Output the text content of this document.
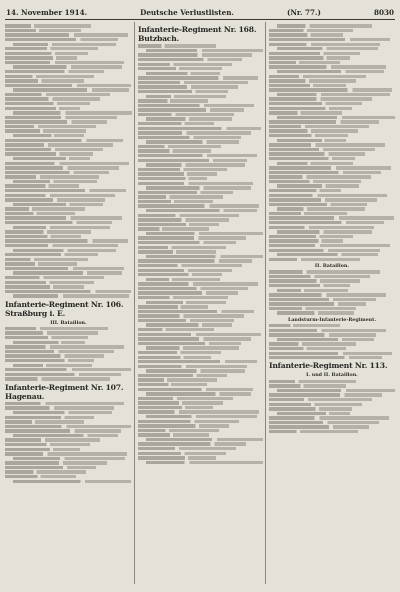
14. November 1914.	Deutsche Verlustlisten.	(Nr. 77.)	8030
Infanterie-Regiment Nr. 106. Straßburg i. E.
III. Bataillon.
Infanterie-Regiment Nr. 107. Hagenau.
Infanterie-Regiment Nr. 168. Butzbach.
II. Bataillon.
Landsturm-Infanterie-Regiment.
Infanterie-Regiment Nr. 113.
I. und II. Bataillon.
